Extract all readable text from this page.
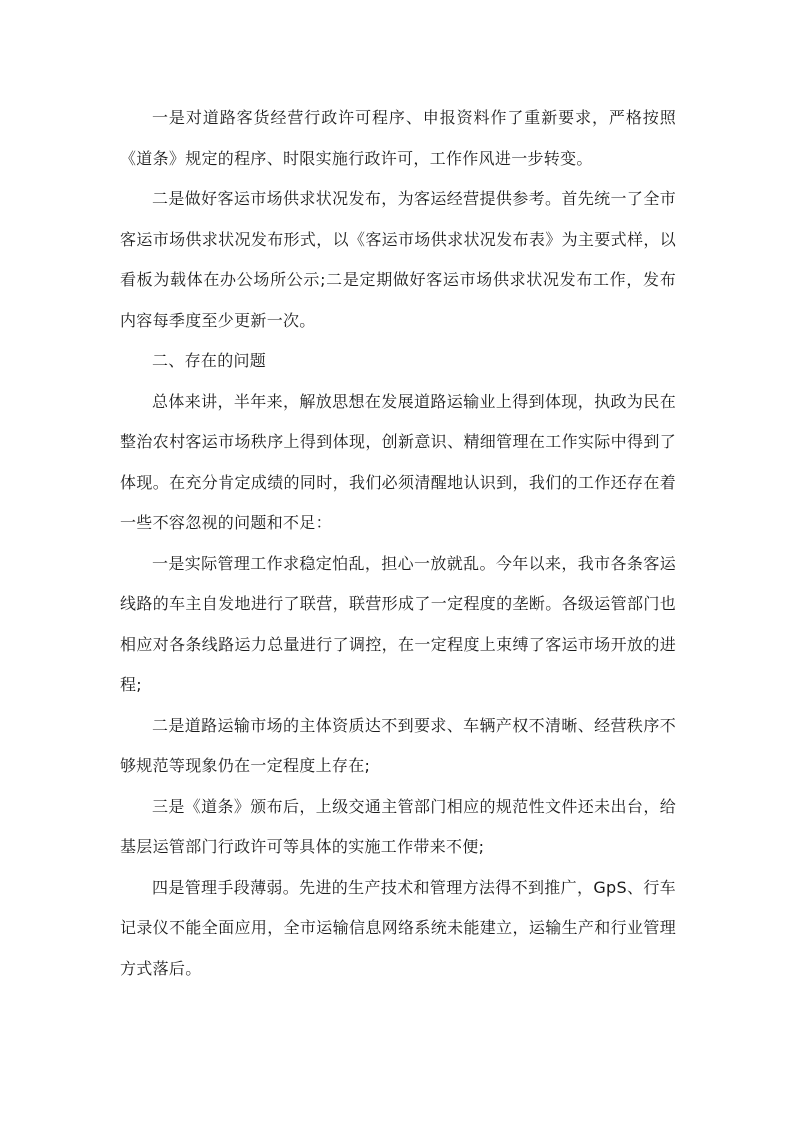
一是对道路客货经营行政许可程序、申报资料作了重新要求，严格按照《道条》规定的程序、时限实施行政许可，工作作风进一步转变。

二是做好客运市场供求状况发布，为客运经营提供参考。首先统一了全市客运市场供求状况发布形式，以《客运市场供求状况发布表》为主要式样，以看板为载体在办公场所公示;二是定期做好客运市场供求状况发布工作，发布内容每季度至少更新一次。

二、存在的问题

总体来讲，半年来，解放思想在发展道路运输业上得到体现，执政为民在整治农村客运市场秩序上得到体现，创新意识、精细管理在工作实际中得到了体现。在充分肯定成绩的同时，我们必须清醒地认识到，我们的工作还存在着一些不容忽视的问题和不足：

一是实际管理工作求稳定怕乱，担心一放就乱。今年以来，我市各条客运线路的车主自发地进行了联营，联营形成了一定程度的垄断。各级运管部门也相应对各条线路运力总量进行了调控，在一定程度上束缚了客运市场开放的进程;

二是道路运输市场的主体资质达不到要求、车辆产权不清晰、经营秩序不够规范等现象仍在一定程度上存在;

三是《道条》颁布后，上级交通主管部门相应的规范性文件还未出台，给基层运管部门行政许可等具体的实施工作带来不便;

四是管理手段薄弱。先进的生产技术和管理方法得不到推广，GpS、行车记录仪不能全面应用，全市运输信息网络系统未能建立，运输生产和行业管理方式落后。
